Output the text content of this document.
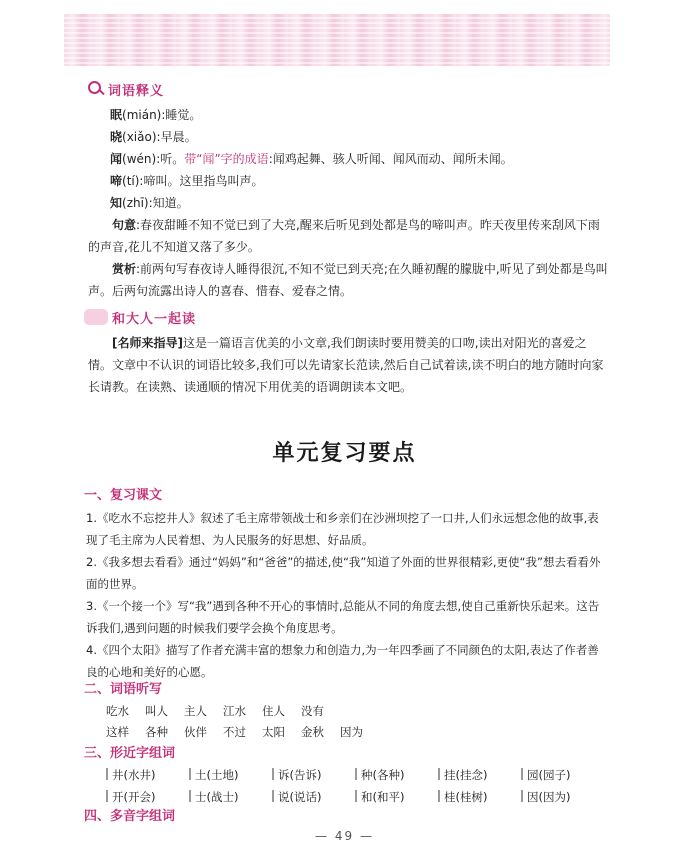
词语释义
眠(mián):睡觉。
晓(xiǎo):早晨。
闻(wén):听。带“闻”字的成语:闻鸡起舞、骇人听闻、闻风而动、闻所未闻。
啼(tí):啼叫。这里指鸟叫声。
知(zhī):知道。
句意:春夜甜睡不知不觉已到了大亮,醒来后听见到处都是鸟的啼叫声。昨天夜里传来刮风下雨的声音,花儿不知道又落了多少。
赏析:前两句写春夜诗人睡得很沉,不知不觉已到天亮;在久睡初醒的朦胧中,听见了到处都是鸟叫声。后两句流露出诗人的喜春、惜春、爱春之情。
和大人一起读
[名师来指导]这是一篇语言优美的小文章,我们朗读时要用赞美的口吻,读出对阳光的喜爱之情。文章中不认识的词语比较多,我们可以先请家长范读,然后自己试着读,读不明白的地方随时向家长请教。在读熟、读通顺的情况下用优美的语调朗读本文吧。
单元复习要点
一、复习课文
1.《吃水不忘挖井人》叙述了毛主席带领战士和乡亲们在沙洲坝挖了一口井,人们永远想念他的故事,表现了毛主席为人民着想、为人民服务的好思想、好品质。
2.《我多想去看看》通过“妈妈”和“爸爸”的描述,使“我”知道了外面的世界很精彩,更使“我”想去看看外面的世界。
3.《一个接一个》写“我”遇到各种不开心的事情时,总能从不同的角度去想,使自己重新快乐起来。这告诉我们,遇到问题的时候我们要学会换个角度思考。
4.《四个太阳》描写了作者充满丰富的想象力和创造力,为一年四季画了不同颜色的太阳,表达了作者善良的心地和美好的心愿。
二、词语听写
吃水 叫人 主人 江水 住人 没有
这样 各种 伙伴 不过 太阳 金秋 因为
三、形近字组词
井(水井)	土(土地)	诉(告诉)	种(各种)	挂(挂念)	园(园子)
开(开会)	士(战士)	说(说话)	和(和平)	桂(桂树)	因(因为)
四、多音字组词
— 49 —
